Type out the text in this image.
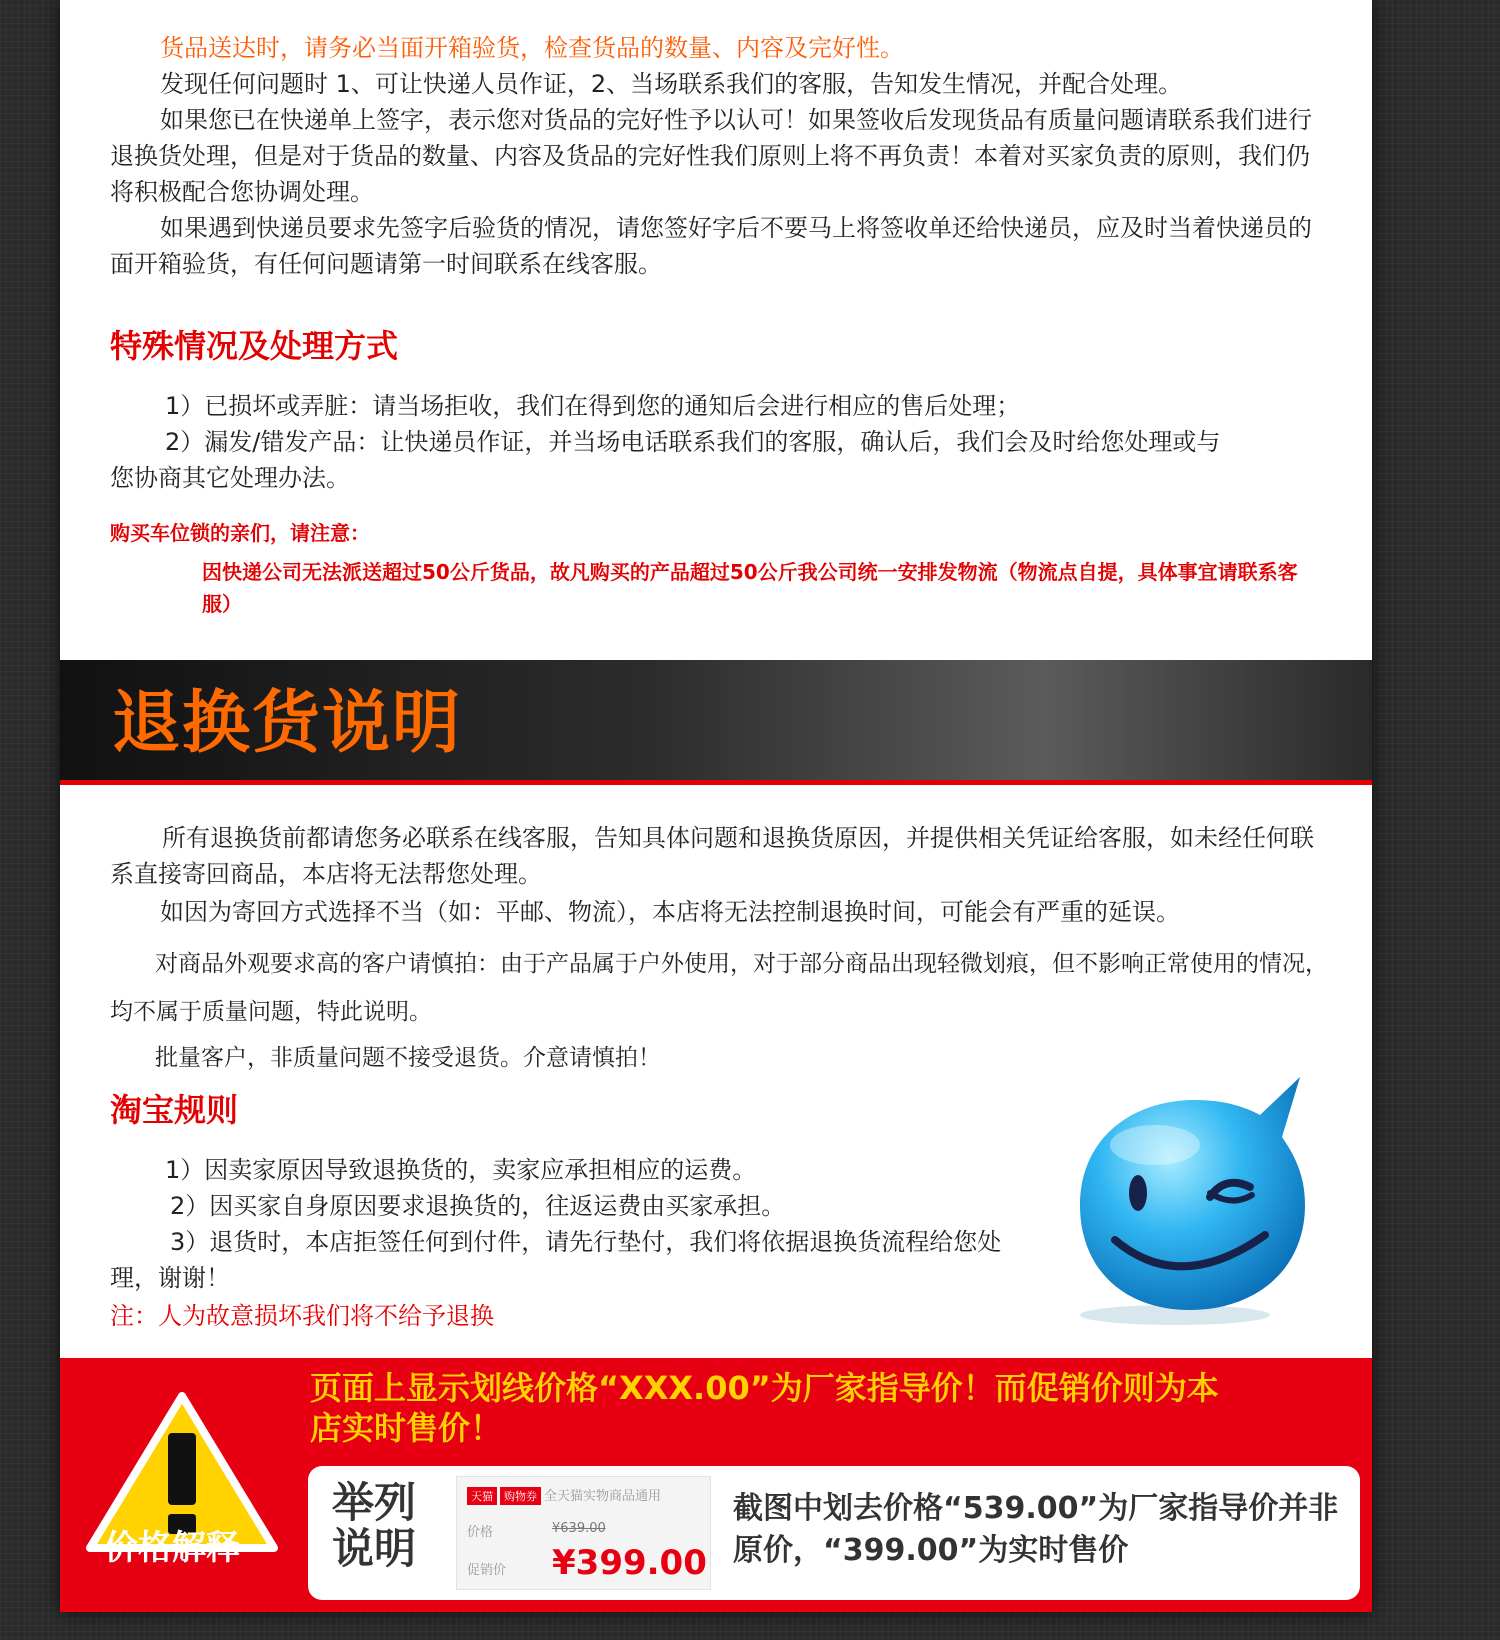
货品送达时，请务必当面开箱验货，检查货品的数量、内容及完好性。
发现任何问题时 1、可让快递人员作证，2、当场联系我们的客服，告知发生情况，并配合处理。
如果您已在快递单上签字，表示您对货品的完好性予以认可！如果签收后发现货品有质量问题请联系我们进行退换货处理，但是对于货品的数量、内容及货品的完好性我们原则上将不再负责！本着对买家负责的原则，我们仍将积极配合您协调处理。
如果遇到快递员要求先签字后验货的情况，请您签好字后不要马上将签收单还给快递员，应及时当着快递员的面开箱验货，有任何问题请第一时间联系在线客服。
特殊情况及处理方式
1）已损坏或弄脏：请当场拒收，我们在得到您的通知后会进行相应的售后处理；
2）漏发/错发产品：让快递员作证，并当场电话联系我们的客服，确认后，我们会及时给您处理或与您协商其它处理办法。
购买车位锁的亲们，请注意：
因快递公司无法派送超过50公斤货品，故凡购买的产品超过50公斤我公司统一安排发物流（物流点自提，具体事宜请联系客服）
退换货说明
所有退换货前都请您务必联系在线客服，告知具体问题和退换货原因，并提供相关凭证给客服，如未经任何联系直接寄回商品，本店将无法帮您处理。
如因为寄回方式选择不当（如：平邮、物流），本店将无法控制退换时间，可能会有严重的延误。
对商品外观要求高的客户请慎拍：由于产品属于户外使用，对于部分商品出现轻微划痕，但不影响正常使用的情况，均不属于质量问题，特此说明。
批量客户，非质量问题不接受退货。介意请慎拍！
淘宝规则
1）因卖家原因导致退换货的，卖家应承担相应的运费。
2）因买家自身原因要求退换货的，往返运费由买家承担。
3）退货时，本店拒签任何到付件，请先行垫付，我们将依据退换货流程给您处理，谢谢！
注：人为故意损坏我们将不给予退换
页面上显示划线价格“XXX.00”为厂家指导价！而促销价则为本店实时售价！
价格解释
举列说明
天猫 购物券 全天猫实物商品通用
价格	¥639.00
促销价 ¥399.00
截图中划去价格“539.00”为厂家指导价并非原价，“399.00”为实时售价
